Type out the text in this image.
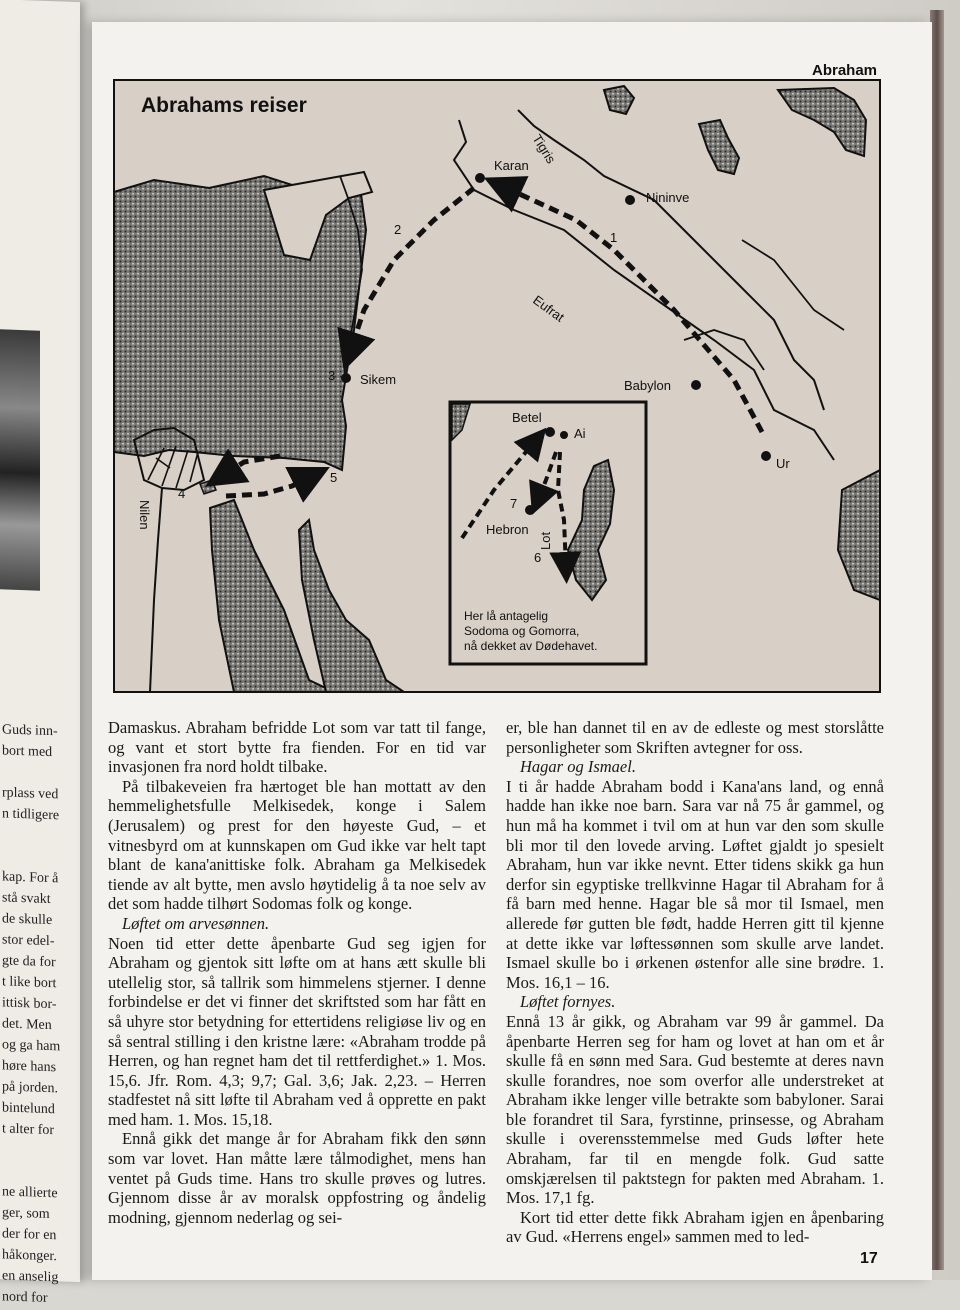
Guds inn-
bort med

rplass ved
n tidligere

kap. For å
stå svakt
de skulle
stor edel-
gte da for
t like bort
ittisk bor-
det. Men
og ga ham
høre hans
på jorden.
bintelund
t alter for

ne allierte
ger, som
der for en
håkonger.
en anselig
nord for
Abraham
Abrahams reiser
Karan Tigris
Nininve
Eufrat
Babylon
Ur
Sikem
Nilen
1
2
3
4
5
Betel
Ai
Hebron
7
6
Lot
Her lå antagelig
Sodoma og Gomorra,
nå dekket av Dødehavet.

Damaskus. Abraham befridde Lot som var tatt til fange, og vant et stort bytte fra fienden. For en tid var invasjonen fra nord holdt tilbake.

På tilbakeveien fra hærtoget ble han mottatt av den hemmelighetsfulle Melkisedek, konge i Salem (Jerusalem) og prest for den høyeste Gud, – et vitnesbyrd om at kunnskapen om Gud ikke var helt tapt blant de kana'anittiske folk. Abraham ga Melkisedek tiende av alt bytte, men avslo høytidelig å ta noe selv av det som hadde tilhørt Sodomas folk og konge.

Løftet om arvesønnen.

Noen tid etter dette åpenbarte Gud seg igjen for Abraham og gjentok sitt løfte om at hans ætt skulle bli utellelig stor, så tallrik som himmelens stjerner. I denne forbindelse er det vi finner det skriftsted som har fått en så uhyre stor betydning for ettertidens religiøse liv og en så sentral stilling i den kristne lære: «Abraham trodde på Herren, og han regnet ham det til rettferdighet.» 1. Mos. 15,6. Jfr. Rom. 4,3; 9,7; Gal. 3,6; Jak. 2,23. – Herren stadfestet nå sitt løfte til Abraham ved å opprette en pakt med ham. 1. Mos. 15,18.

Ennå gikk det mange år for Abraham fikk den sønn som var lovet. Han måtte lære tålmodighet, mens han ventet på Guds time. Hans tro skulle prøves og lutres. Gjennom disse år av moralsk oppfostring og åndelig modning, gjennom nederlag og sei-

er, ble han dannet til en av de edleste og mest storslåtte personligheter som Skriften avtegner for oss.

Hagar og Ismael.

I ti år hadde Abraham bodd i Kana'ans land, og ennå hadde han ikke noe barn. Sara var nå 75 år gammel, og hun må ha kommet i tvil om at hun var den som skulle bli mor til den lovede arving. Løftet gjaldt jo spesielt Abraham, hun var ikke nevnt. Etter tidens skikk ga hun derfor sin egyptiske trellkvinne Hagar til Abraham for å få barn med henne. Hagar ble så mor til Ismael, men allerede før gutten ble født, hadde Herren gitt til kjenne at dette ikke var løftessønnen som skulle arve landet. Ismael skulle bo i ørkenen østenfor alle sine brødre. 1. Mos. 16,1 – 16.

Løftet fornyes.

Ennå 13 år gikk, og Abraham var 99 år gammel. Da åpenbarte Herren seg for ham og lovet at han om et år skulle få en sønn med Sara. Gud bestemte at deres navn skulle forandres, noe som overfor alle understreket at Abraham ikke lenger ville betrakte som babyloner. Sarai ble forandret til Sara, fyrstinne, prinsesse, og Abraham skulle i overensstemmelse med Guds løfter hete Abraham, far til en mengde folk. Gud satte omskjærelsen til paktstegn for pakten med Abraham. 1. Mos. 17,1 fg.

Kort tid etter dette fikk Abraham igjen en åpenbaring av Gud. «Herrens engel» sammen med to led-

17
